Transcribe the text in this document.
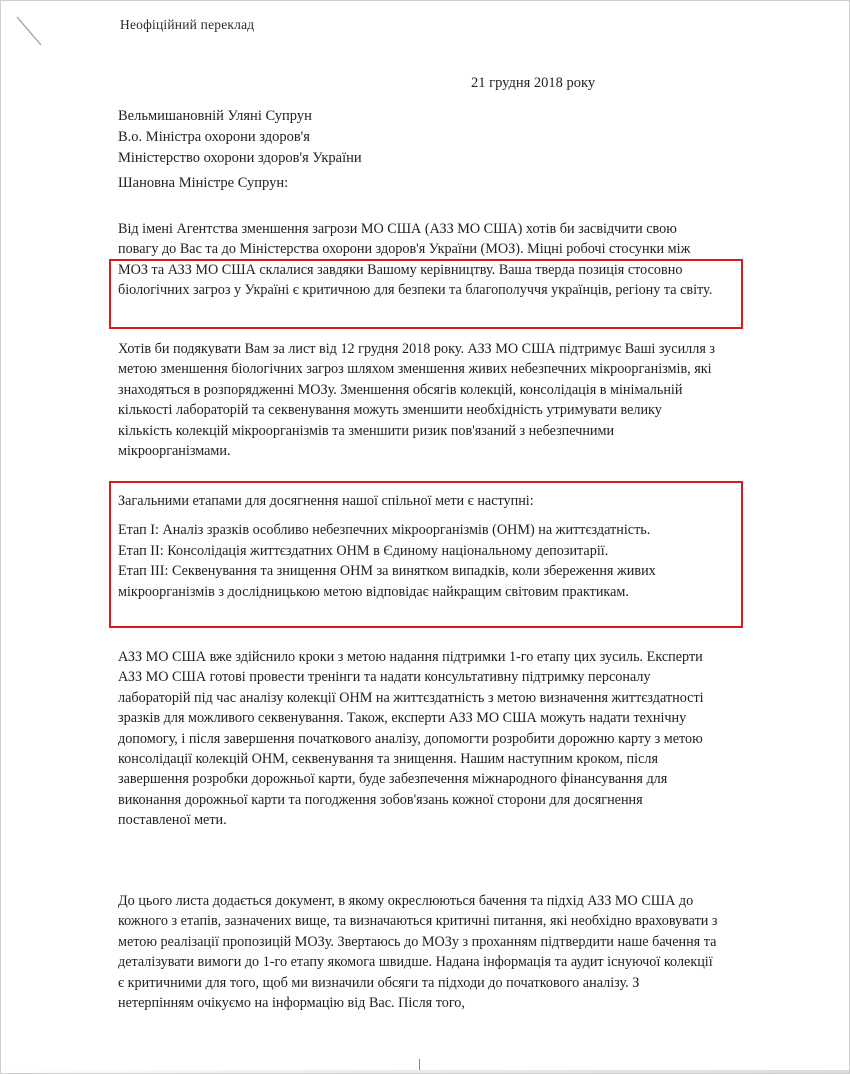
Неофіційний переклад
21 грудня 2018 року
Вельмишановній Уляні Супрун
В.о. Міністра охорони здоров'я
Міністерство охорони здоров'я України
Шановна Міністре Супрун:

Від імені Агентства зменшення загрози МО США (АЗЗ МО США) хотів би засвідчити свою повагу до Вас та до Міністерства охорони здоров'я України (МОЗ). Міцні робочі стосунки між МОЗ та АЗЗ МО США склалися завдяки Вашому керівництву. Ваша тверда позиція стосовно біологічних загроз у Україні є критичною для безпеки та благополуччя українців, регіону та світу.

Хотів би подякувати Вам за лист від 12 грудня 2018 року. АЗЗ МО США підтримує Ваші зусилля з метою зменшення біологічних загроз шляхом зменшення живих небезпечних мікроорганізмів, які знаходяться в розпорядженні МОЗу. Зменшення обсягів колекцій, консолідація в мінімальній кількості лабораторій та секвенування можуть зменшити необхідність утримувати велику кількість колекцій мікроорганізмів та зменшити ризик пов'язаний з небезпечними мікроорганізмами.

Загальними етапами для досягнення нашої спільної мети є наступні:

Етап I: Аналіз зразків особливо небезпечних мікроорганізмів (ОНМ) на життєздатність.

Етап II: Консолідація життєздатних ОНМ в Єдиному національному депозитарії.

Етап III: Секвенування та знищення ОНМ за винятком випадків, коли збереження живих мікроорганізмів з дослідницькою метою відповідає найкращим світовим практикам.

АЗЗ МО США вже здійснило кроки з метою надання підтримки 1-го етапу цих зусиль. Експерти АЗЗ МО США готові провести тренінги та надати консультативну підтримку персоналу лабораторій під час аналізу колекції ОНМ на життєздатність з метою визначення життєздатності зразків для можливого секвенування. Також, експерти АЗЗ МО США можуть надати технічну допомогу, і після завершення початкового аналізу, допомогти розробити дорожню карту з метою консолідації колекцій ОНМ, секвенування та знищення. Нашим наступним кроком, після завершення розробки дорожньої карти, буде забезпечення міжнародного фінансування для виконання дорожньої карти та погодження зобов'язань кожної сторони для досягнення поставленої мети.

До цього листа додається документ, в якому окреслюються бачення та підхід АЗЗ МО США до кожного з етапів, зазначених вище, та визначаються критичні питання, які необхідно враховувати з метою реалізації пропозицій МОЗу. Звертаюсь до МОЗу з проханням підтвердити наше бачення та деталізувати вимоги до 1-го етапу якомога швидше. Надана інформація та аудит існуючої колекції є критичними для того, щоб ми визначили обсяги та підходи до початкового аналізу. З нетерпінням очікуємо на інформацію від Вас. Після того,
